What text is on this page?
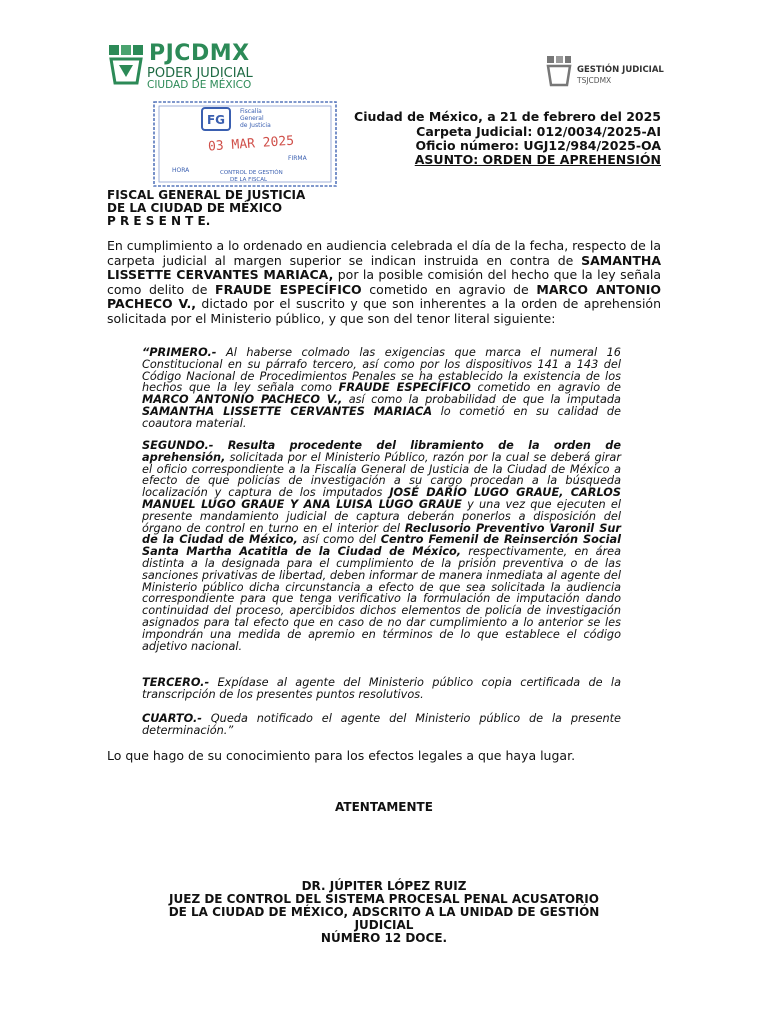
PJCDMX
PODER JUDICIAL
CIUDAD DE MÉXICO
GESTIÓN JUDICIAL
TSJCDMX
FG
Fiscalía
General
de Justicia
03 MAR 2025
HORA
FIRMA
CONTROL DE GESTIÓN
DE LA FISCAL
Ciudad de México, a 21 de febrero del 2025
Carpeta Judicial: 012/0034/2025-AI
Oficio número: UGJ12/984/2025-OA
ASUNTO: ORDEN DE APREHENSIÓN
FISCAL GENERAL DE JUSTICIA
DE LA CIUDAD DE MÉXICO
P R E S E N T E.
En cumplimiento a lo ordenado en audiencia celebrada el día de la fecha, respecto de la carpeta judicial al margen superior se indican instruida en contra de SAMANTHA LISSETTE CERVANTES MARIACA, por la posible comisión del hecho que la ley señala como delito de FRAUDE ESPECÍFICO cometido en agravio de MARCO ANTONIO PACHECO V., dictado por el suscrito y que son inherentes a la orden de aprehensión solicitada por el Ministerio público, y que son del tenor literal siguiente:
“PRIMERO.- Al haberse colmado las exigencias que marca el numeral 16 Constitucional en su párrafo tercero, así como por los dispositivos 141 a 143 del Código Nacional de Procedimientos Penales se ha establecido la existencia de los hechos que la ley señala como FRAUDE ESPECÍFICO cometido en agravio de MARCO ANTONIO PACHECO V., así como la probabilidad de que la imputada SAMANTHA LISSETTE CERVANTES MARIACA lo cometió en su calidad de coautora material.
SEGUNDO.- Resulta procedente del libramiento de la orden de aprehensión, solicitada por el Ministerio Público, razón por la cual se deberá girar el oficio correspondiente a la Fiscalía General de Justicia de la Ciudad de México a efecto de que policías de investigación a su cargo procedan a la búsqueda localización y captura de los imputados JOSÉ DARÍO LUGO GRAUE, CARLOS MANUEL LUGO GRAUE Y ANA LUISA LUGO GRAUE y una vez que ejecuten el presente mandamiento judicial de captura deberán ponerlos a disposición del órgano de control en turno en el interior del Reclusorio Preventivo Varonil Sur de la Ciudad de México, así como del Centro Femenil de Reinserción Social Santa Martha Acatitla de la Ciudad de México, respectivamente, en área distinta a la designada para el cumplimiento de la prisión preventiva o de las sanciones privativas de libertad, deben informar de manera inmediata al agente del Ministerio público dicha circunstancia a efecto de que sea solicitada la audiencia correspondiente para que tenga verificativo la formulación de imputación dando continuidad del proceso, apercibidos dichos elementos de policía de investigación asignados para tal efecto que en caso de no dar cumplimiento a lo anterior se les impondrán una medida de apremio en términos de lo que establece el código adjetivo nacional.
TERCERO.- Expídase al agente del Ministerio público copia certificada de la transcripción de los presentes puntos resolutivos.
CUARTO.- Queda notificado el agente del Ministerio público de la presente determinación.”
Lo que hago de su conocimiento para los efectos legales a que haya lugar.
ATENTAMENTE
DR. JÚPITER LÓPEZ RUIZ
JUEZ DE CONTROL DEL SISTEMA PROCESAL PENAL ACUSATORIO
DE LA CIUDAD DE MÉXICO, ADSCRITO A LA UNIDAD DE GESTIÓN
JUDICIAL
NÚMERO 12 DOCE.
